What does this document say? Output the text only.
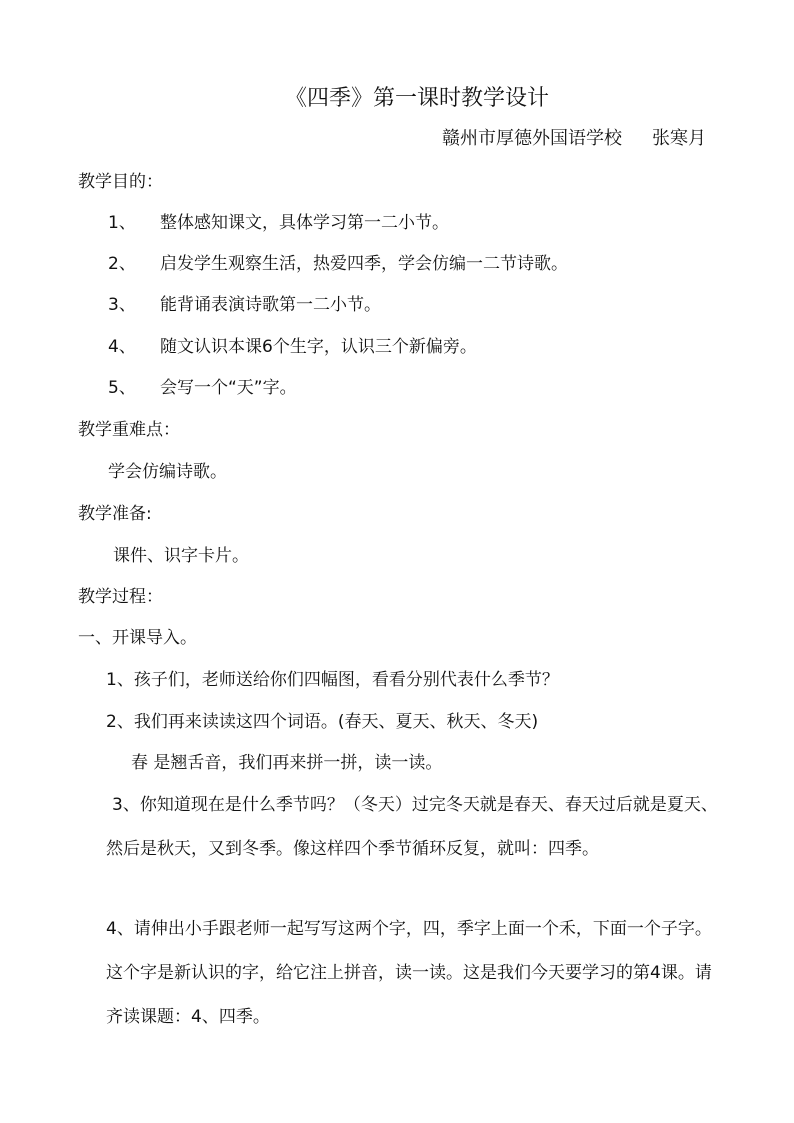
《四季》第一课时教学设计
赣州市厚德外国语学校 张寒月
教学目的：
1、 整体感知课文，具体学习第一二小节。
2、 启发学生观察生活，热爱四季，学会仿编一二节诗歌。
3、 能背诵表演诗歌第一二小节。
4、 随文认识本课6个生字，认识三个新偏旁。
5、 会写一个“天”字。
教学重难点：
学会仿编诗歌。
教学准备:
课件、识字卡片。
教学过程：
一、开课导入。
1、孩子们，老师送给你们四幅图，看看分别代表什么季节？
2、我们再来读读这四个词语。(春天、夏天、秋天、冬天)
春 是翘舌音，我们再来拼一拼，读一读。
3、你知道现在是什么季节吗？（冬天）过完冬天就是春天、春天过后就是夏天、然后是秋天，又到冬季。像这样四个季节循环反复，就叫：四季。
4、请伸出小手跟老师一起写写这两个字，四，季字上面一个禾，下面一个子字。这个字是新认识的字，给它注上拼音，读一读。这是我们今天要学习的第4课。请齐读课题：4、四季。
